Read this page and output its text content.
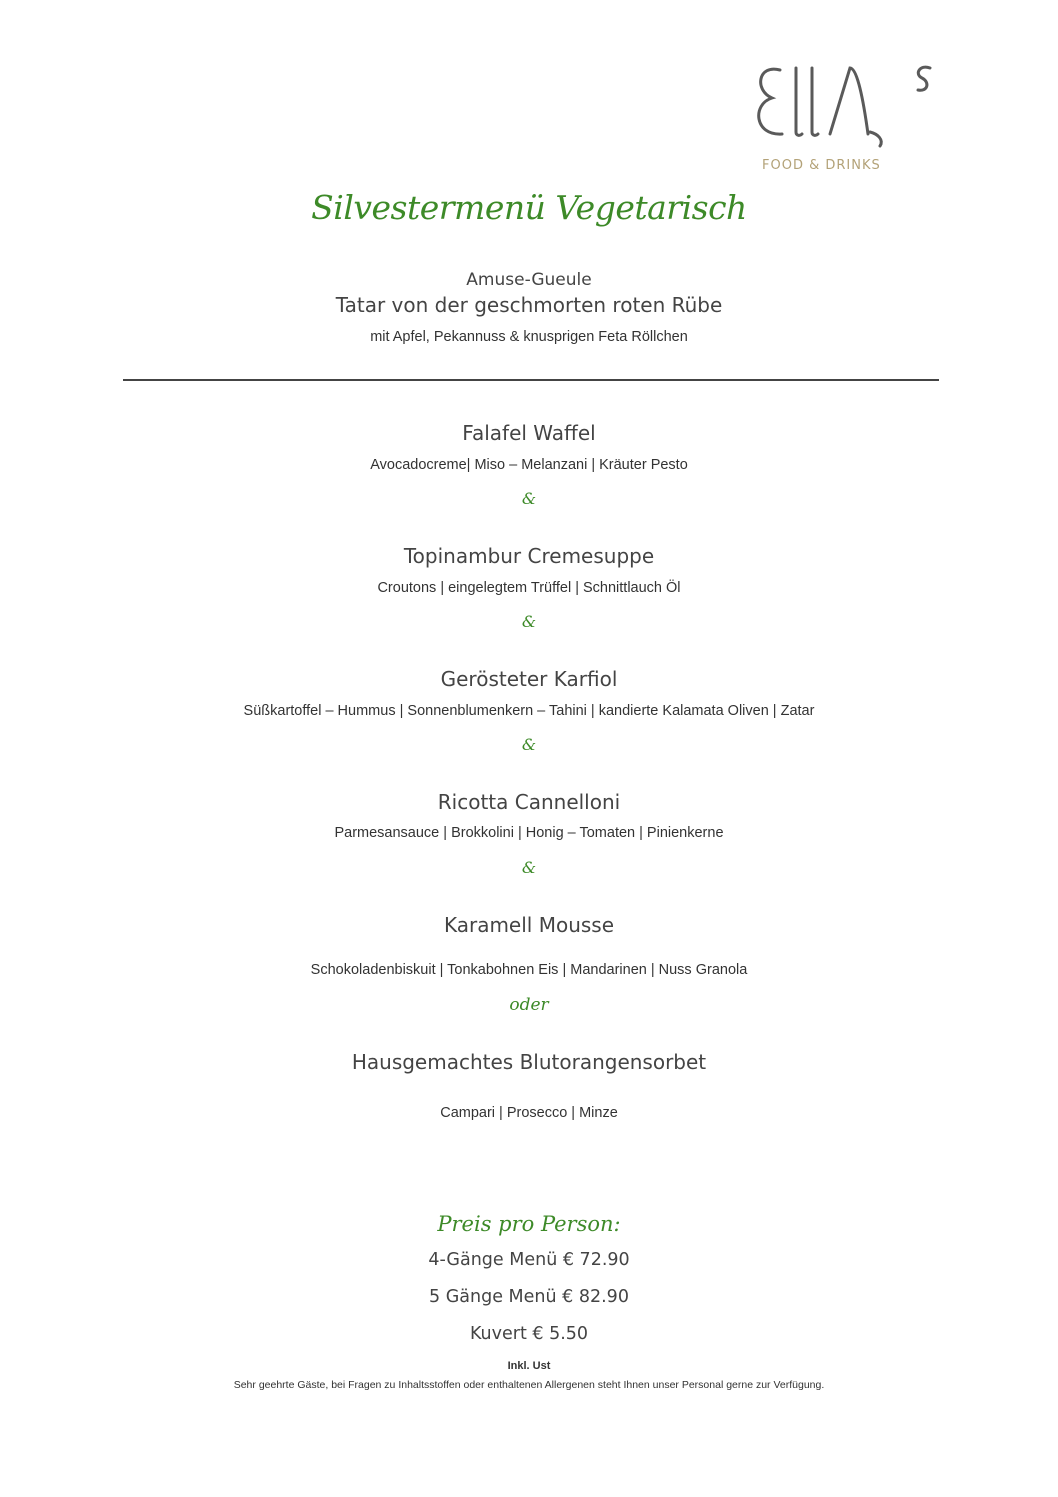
FOOD & DRINKS
Silvestermenü Vegetarisch
Amuse-Gueule
Tatar von der geschmorten roten Rübe
mit Apfel, Pekannuss & knusprigen Feta Röllchen
Falafel Waffel
Avocadocreme| Miso – Melanzani | Kräuter Pesto
&
Topinambur Cremesuppe
Croutons | eingelegtem Trüffel | Schnittlauch Öl
&
Gerösteter Karfiol
Süßkartoffel – Hummus | Sonnenblumenkern – Tahini | kandierte Kalamata Oliven | Zatar
&
Ricotta Cannelloni
Parmesansauce | Brokkolini | Honig – Tomaten | Pinienkerne
&
Karamell Mousse
Schokoladenbiskuit | Tonkabohnen Eis | Mandarinen | Nuss Granola
oder
Hausgemachtes Blutorangensorbet
Campari | Prosecco | Minze
Preis pro Person:
4-Gänge Menü € 72.90
5 Gänge Menü € 82.90
Kuvert € 5.50
Inkl. Ust
Sehr geehrte Gäste, bei Fragen zu Inhaltsstoffen oder enthaltenen Allergenen steht Ihnen unser Personal gerne zur Verfügung.
